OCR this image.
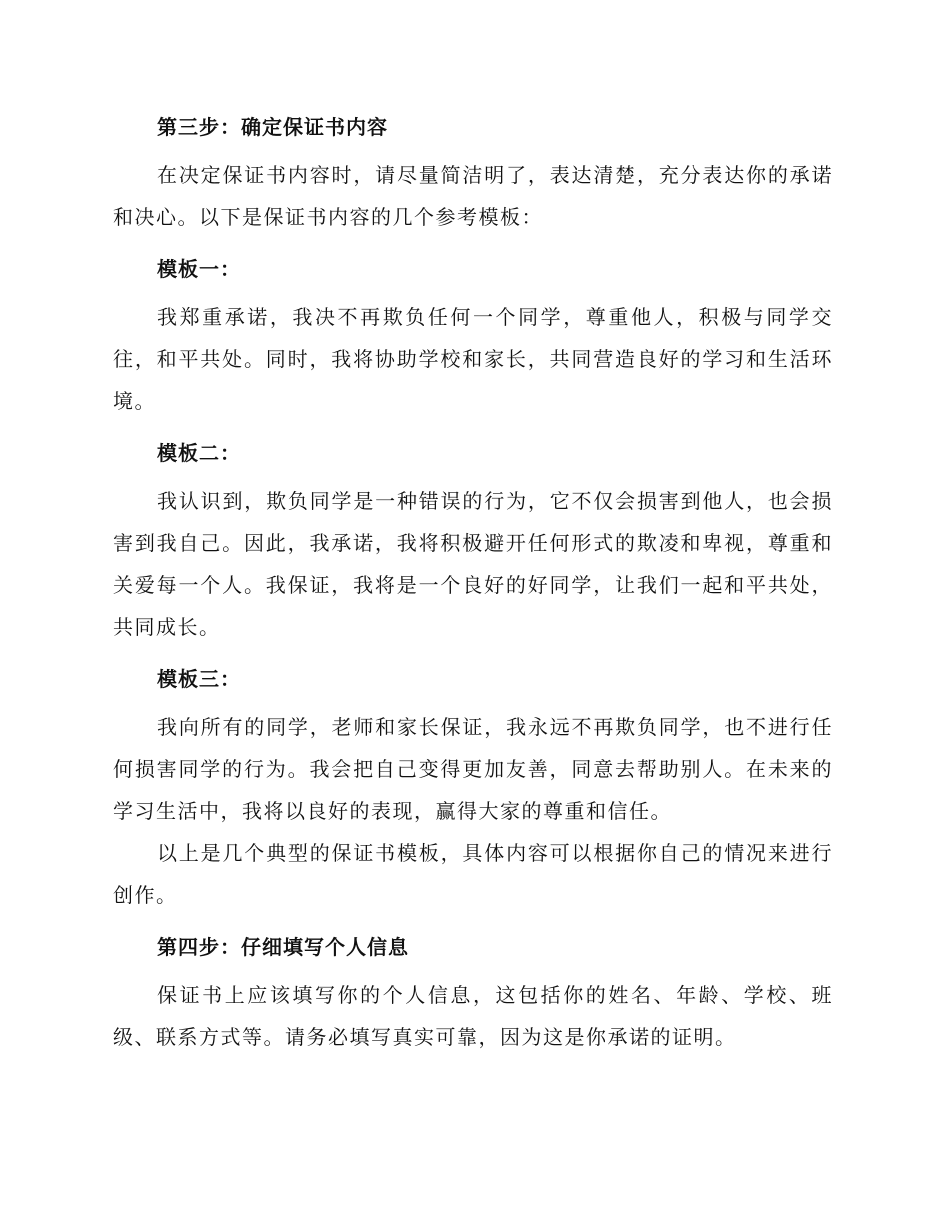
第三步：确定保证书内容

在决定保证书内容时，请尽量简洁明了，表达清楚，充分表达你的承诺和决心。以下是保证书内容的几个参考模板：

模板一：

我郑重承诺，我决不再欺负任何一个同学，尊重他人，积极与同学交往，和平共处。同时，我将协助学校和家长，共同营造良好的学习和生活环境。

模板二：

我认识到，欺负同学是一种错误的行为，它不仅会损害到他人，也会损害到我自己。因此，我承诺，我将积极避开任何形式的欺凌和卑视，尊重和关爱每一个人。我保证，我将是一个良好的好同学，让我们一起和平共处，共同成长。

模板三：

我向所有的同学，老师和家长保证，我永远不再欺负同学，也不进行任何损害同学的行为。我会把自己变得更加友善，同意去帮助别人。在未来的学习生活中，我将以良好的表现，赢得大家的尊重和信任。

以上是几个典型的保证书模板，具体内容可以根据你自己的情况来进行创作。

第四步：仔细填写个人信息

保证书上应该填写你的个人信息，这包括你的姓名、年龄、学校、班级、联系方式等。请务必填写真实可靠，因为这是你承诺的证明。
